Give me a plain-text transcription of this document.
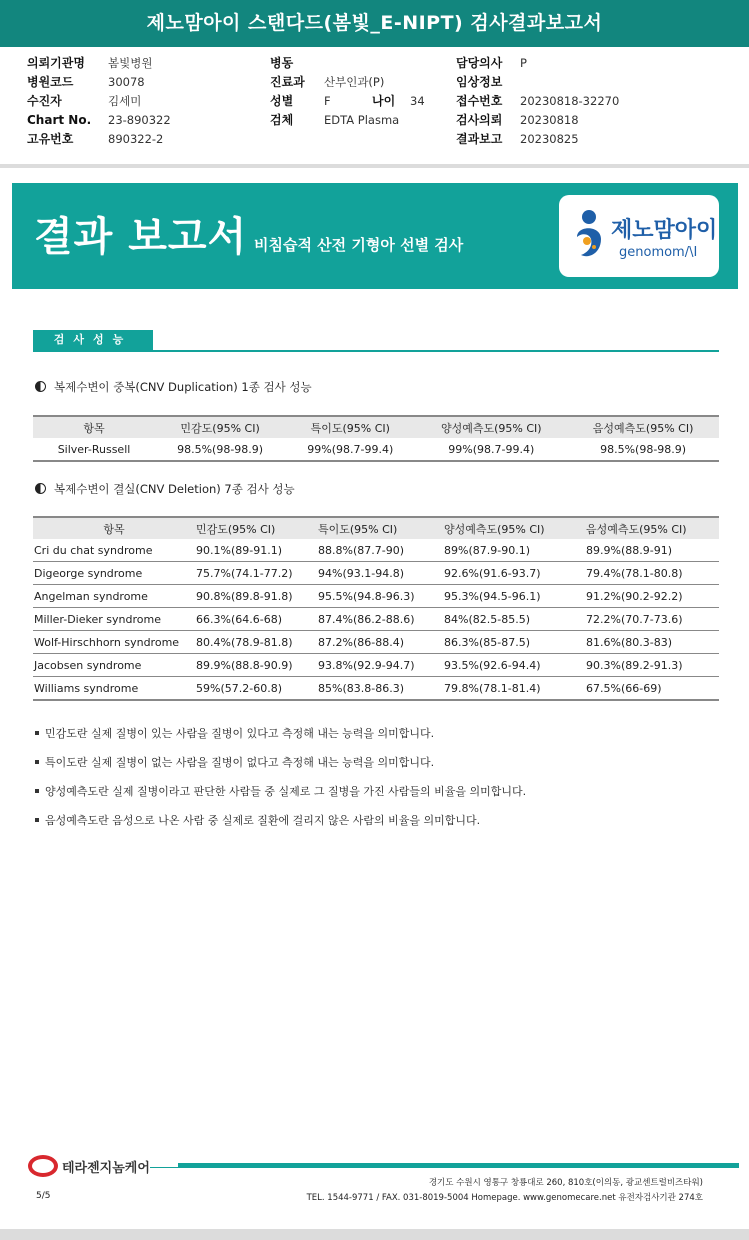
제노맘아이 스탠다드(봄빛_E-NIPT) 검사결과보고서
의뢰기관명 봄빛병원
병원코드	30078
수진자	김세미
Chart No. 23-890322
고유번호	890322-2
병동
진료과 산부인과(P)
성별	F	나이 34
검체	EDTA Plasma
담당의사 P
임상정보
접수번호 20230818-32270
검사의뢰 20230818
결과보고 20230825
결과 보고서 비침습적 산전 기형아 선별 검사
제노맘아이
genomom/\I
검사성능
복제수변이 중복(CNV Duplication) 1종 검사 성능
항목	민감도(95% CI)	특이도(95% CI)	양성예측도(95% CI)	음성예측도(95% CI)
Silver-Russell	98.5%(98-98.9)	99%(98.7-99.4)	99%(98.7-99.4)	98.5%(98-98.9)
복제수변이 결실(CNV Deletion) 7종 검사 성능
항목	민감도(95% CI)	특이도(95% CI)	양성예측도(95% CI)	음성예측도(95% CI)
Cri du chat syndrome	90.1%(89-91.1)	88.8%(87.7-90)	89%(87.9-90.1)	89.9%(88.9-91)
Digeorge syndrome	75.7%(74.1-77.2)	94%(93.1-94.8)	92.6%(91.6-93.7)	79.4%(78.1-80.8)
Angelman syndrome	90.8%(89.8-91.8)	95.5%(94.8-96.3)	95.3%(94.5-96.1)	91.2%(90.2-92.2)
Miller-Dieker syndrome	66.3%(64.6-68)	87.4%(86.2-88.6)	84%(82.5-85.5)	72.2%(70.7-73.6)
Wolf-Hirschhorn syndrome	80.4%(78.9-81.8)	87.2%(86-88.4)	86.3%(85-87.5)	81.6%(80.3-83)
Jacobsen syndrome	89.9%(88.8-90.9)	93.8%(92.9-94.7)	93.5%(92.6-94.4)	90.3%(89.2-91.3)
Williams syndrome	59%(57.2-60.8)	85%(83.8-86.3)	79.8%(78.1-81.4)	67.5%(66-69)
민감도란 실제 질병이 있는 사람을 질병이 있다고 측정해 내는 능력을 의미합니다.
특이도란 실제 질병이 없는 사람을 질병이 없다고 측정해 내는 능력을 의미합니다.
양성예측도란 실제 질병이라고 판단한 사람들 중 실제로 그 질병을 가진 사람들의 비율을 의미합니다.
음성예측도란 음성으로 나온 사람 중 실제로 질환에 걸리지 않은 사람의 비율을 의미합니다.
테라젠지놈케어
경기도 수원시 영통구 창룡대로 260, 810호(이의동, 광교센트럴비즈타워)
TEL. 1544-9771 / FAX. 031-8019-5004 Homepage. www.genomecare.net 유전자검사기관 274호
5/5
